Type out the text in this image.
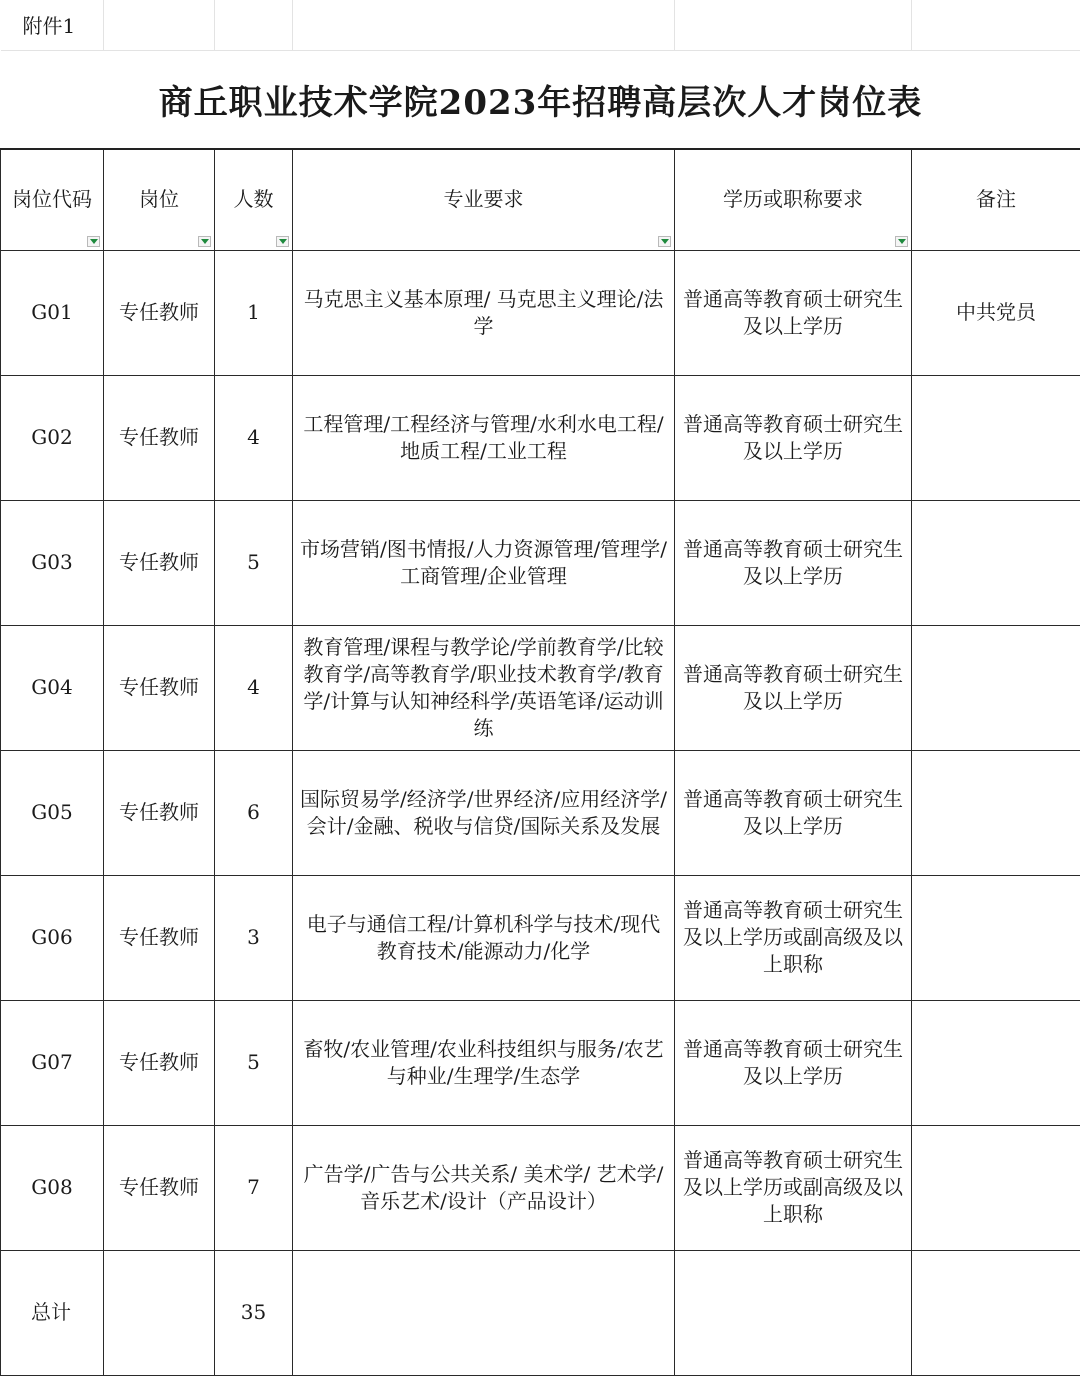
附件1					
商丘职业技术学院2023年招聘高层次人才岗位表					
岗位代码	岗位	人数	专业要求	学历或职称要求	备注
G01	专任教师	1	马克思主义基本原理/ 马克思主义理论/法学	普通高等教育硕士研究生及以上学历	中共党员
G02	专任教师	4	工程管理/工程经济与管理/水利水电工程/地质工程/工业工程	普通高等教育硕士研究生及以上学历	
G03	专任教师	5	市场营销/图书情报/人力资源管理/管理学/工商管理/企业管理	普通高等教育硕士研究生及以上学历	
G04	专任教师	4	教育管理/课程与教学论/学前教育学/比较教育学/高等教育学/职业技术教育学/教育学/计算与认知神经科学/英语笔译/运动训练	普通高等教育硕士研究生及以上学历	
G05	专任教师	6	国际贸易学/经济学/世界经济/应用经济学/会计/金融、税收与信贷/国际关系及发展	普通高等教育硕士研究生及以上学历	
G06	专任教师	3	电子与通信工程/计算机科学与技术/现代教育技术/能源动力/化学	普通高等教育硕士研究生及以上学历或副高级及以上职称	
G07	专任教师	5	畜牧/农业管理/农业科技组织与服务/农艺与种业/生理学/生态学	普通高等教育硕士研究生及以上学历	
G08	专任教师	7	广告学/广告与公共关系/ 美术学/ 艺术学/音乐艺术/设计（产品设计）	普通高等教育硕士研究生及以上学历或副高级及以上职称	
总计		35			
